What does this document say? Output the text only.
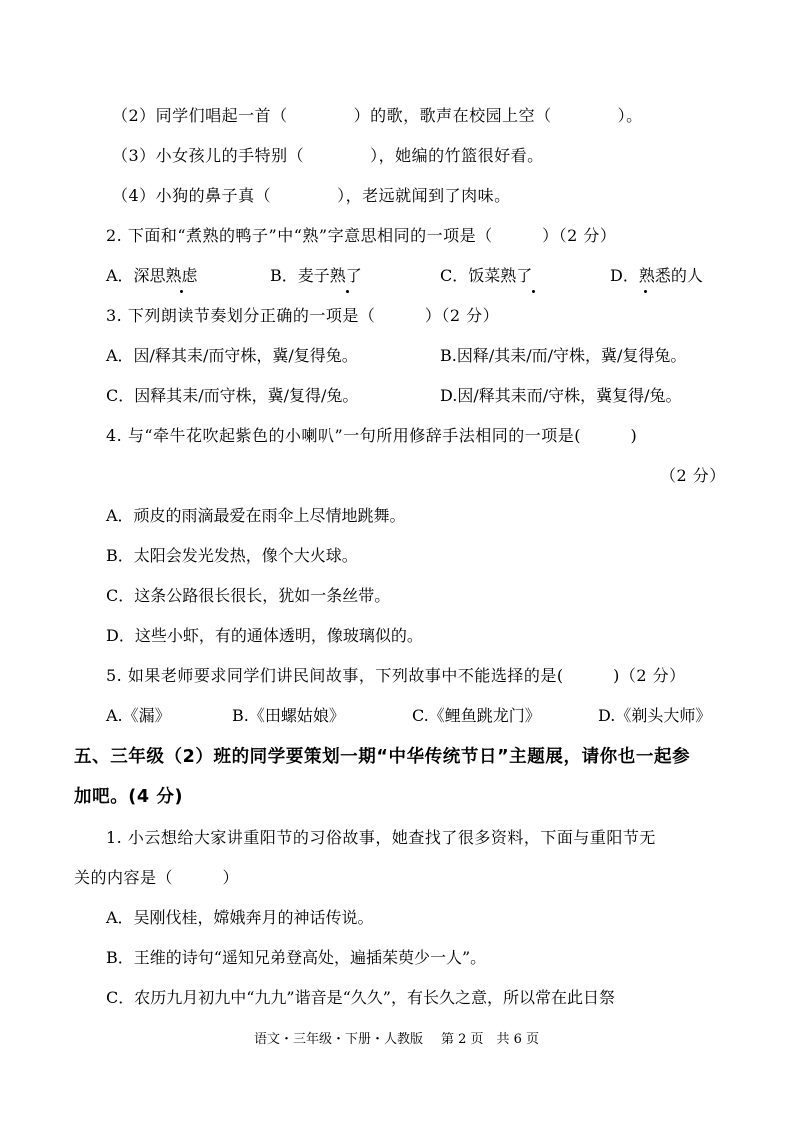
（2）同学们唱起一首（　　　　）的歌，歌声在校园上空（　　　　）。
（3）小女孩儿的手特别（　　　　），她编的竹篮很好看。
（4）小狗的鼻子真（　　　　），老远就闻到了肉味。
2. 下面和“煮熟的鸭子”中“熟”字意思相同的一项是（　　　）（2 分）
A．深思熟虑	B．麦子熟了	C．饭菜熟了	D．熟悉的人
3. 下列朗读节奏划分正确的一项是（　　　）（2 分）
A．因/释其耒/而守株，冀/复得兔。	B.因释/其耒/而/守株，冀/复得兔。
C．因释其耒/而守株，冀/复得/兔。	D.因/释其耒而/守株，冀复得/兔。
4. 与“牵牛花吹起紫色的小喇叭”一句所用修辞手法相同的一项是(　　　)
（2 分）
A．顽皮的雨滴最爱在雨伞上尽情地跳舞。
B．太阳会发光发热，像个大火球。
C．这条公路很长很长，犹如一条丝带。
D．这些小虾，有的通体透明，像玻璃似的。
5. 如果老师要求同学们讲民间故事，下列故事中不能选择的是(　　　)（2 分）
A.《漏》	B.《田螺姑娘》	C.《鲤鱼跳龙门》	D.《剃头大师》
五、三年级（2）班的同学要策划一期“中华传统节日”主题展，请你也一起参
加吧。(4 分)
1. 小云想给大家讲重阳节的习俗故事，她查找了很多资料，下面与重阳节无
关的内容是（　　　）
A．吴刚伐桂，嫦娥奔月的神话传说。
B．王维的诗句“遥知兄弟登高处，遍插茱萸少一人”。
C．农历九月初九中“九九”谐音是“久久”，有长久之意，所以常在此日祭
语文・三年级・下册・人教版 第 2 页　共 6 页
